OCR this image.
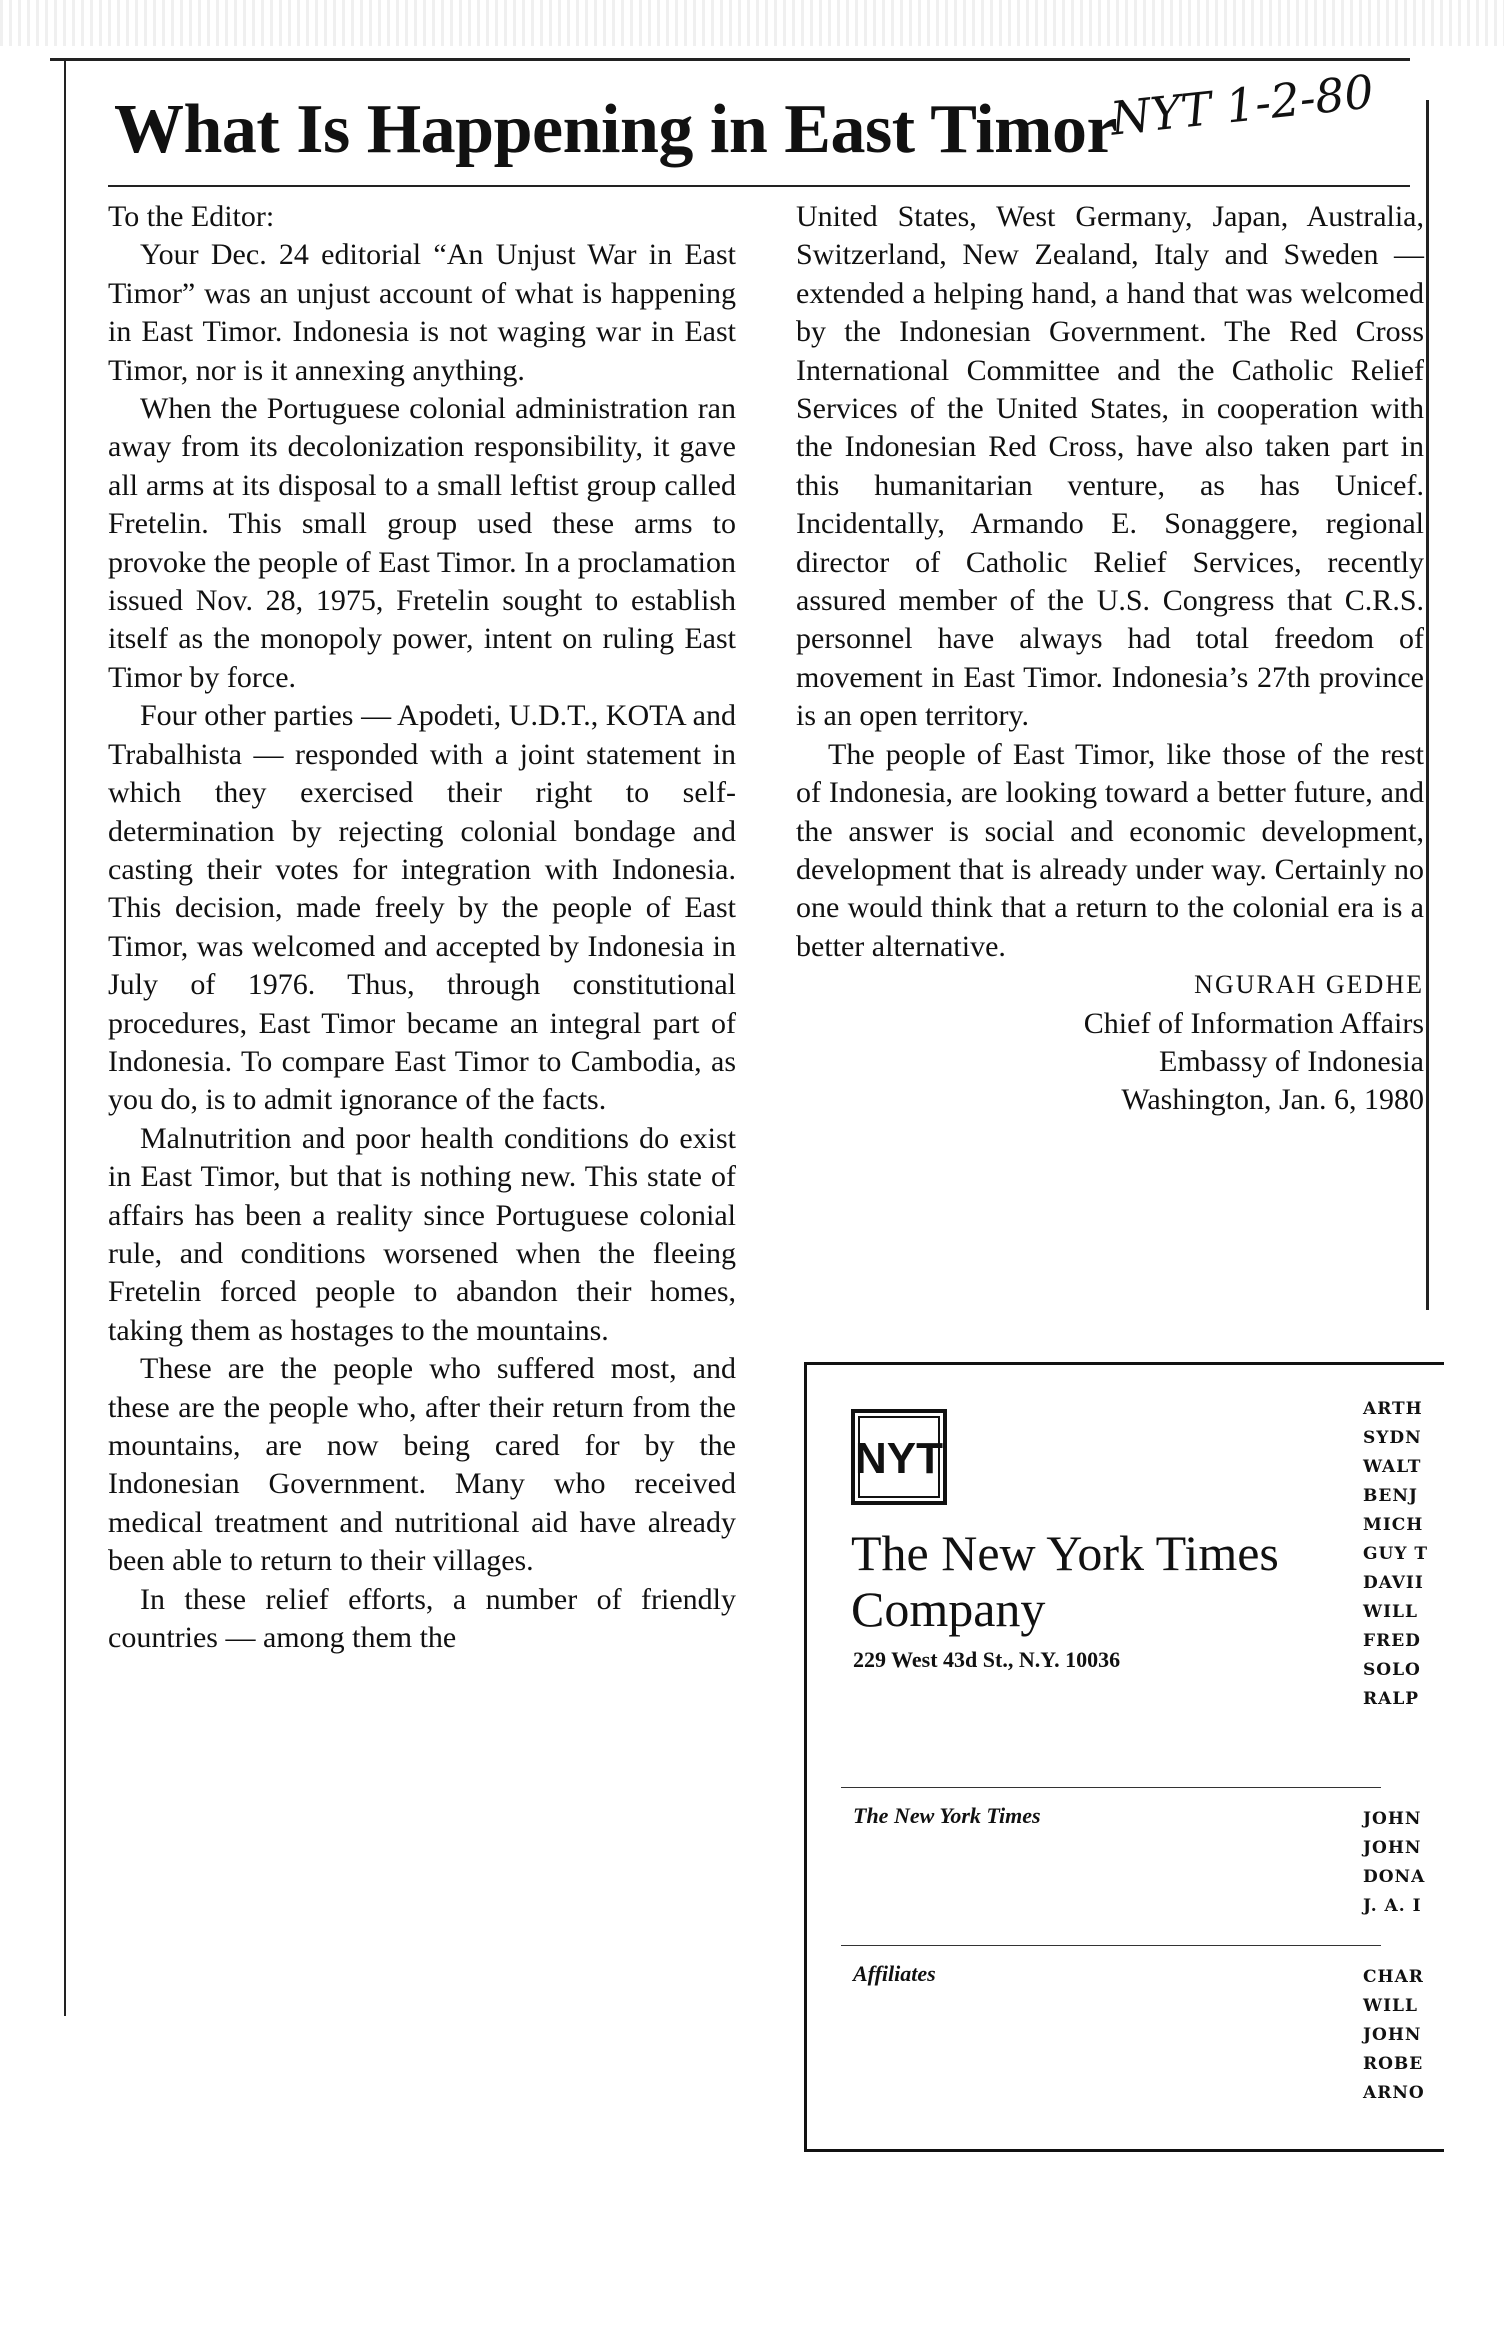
What Is Happening in East Timor
NYT 1-2-80

To the Editor:

Your Dec. 24 editorial “An Unjust War in East Timor” was an unjust account of what is happening in East Timor. Indonesia is not waging war in East Timor, nor is it annexing anything.

When the Portuguese colonial administration ran away from its decolonization responsibility, it gave all arms at its disposal to a small leftist group called Fretelin. This small group used these arms to provoke the people of East Timor. In a proclamation issued Nov. 28, 1975, Fretelin sought to establish itself as the monopoly power, intent on ruling East Timor by force.

Four other parties — Apodeti, U.D.T., KOTA and Trabalhista — responded with a joint statement in which they exercised their right to self-determination by rejecting colonial bondage and casting their votes for integration with Indonesia. This decision, made freely by the people of East Timor, was welcomed and accepted by Indonesia in July of 1976. Thus, through constitutional procedures, East Timor became an integral part of Indonesia. To compare East Timor to Cambodia, as you do, is to admit ignorance of the facts.

Malnutrition and poor health conditions do exist in East Timor, but that is nothing new. This state of affairs has been a reality since Portuguese colonial rule, and conditions worsened when the fleeing Fretelin forced people to abandon their homes, taking them as hostages to the mountains.

These are the people who suffered most, and these are the people who, after their return from the mountains, are now being cared for by the Indonesian Government. Many who received medical treatment and nutritional aid have already been able to return to their villages.

In these relief efforts, a number of friendly countries — among them the

United States, West Germany, Japan, Australia, Switzerland, New Zealand, Italy and Sweden — extended a helping hand, a hand that was welcomed by the Indonesian Government. The Red Cross International Committee and the Catholic Relief Services of the United States, in cooperation with the Indonesian Red Cross, have also taken part in this humanitarian venture, as has Unicef. Incidentally, Armando E. Sonaggere, regional director of Catholic Relief Services, recently assured member of the U.S. Congress that C.R.S. personnel have always had total freedom of movement in East Timor. Indonesia’s 27th province is an open territory.

The people of East Timor, like those of the rest of Indonesia, are looking toward a better future, and the answer is social and economic development, development that is already under way. Certainly no one would think that a return to the colonial era is a better alternative.

NGURAH GEDHE
Chief of Information Affairs
Embassy of Indonesia
Washington, Jan. 6, 1980
NYT
The New York Times
Company
229 West 43d St., N.Y. 10036
The New York Times
Affiliates
ARTH
SYDN
WALT
BENJ
MICH
GUY T
DAVII
WILL
FRED
SOLO
RALP
JOHN
JOHN
DONA
J. A. I
CHAR
WILL
JOHN
ROBE
ARNO
